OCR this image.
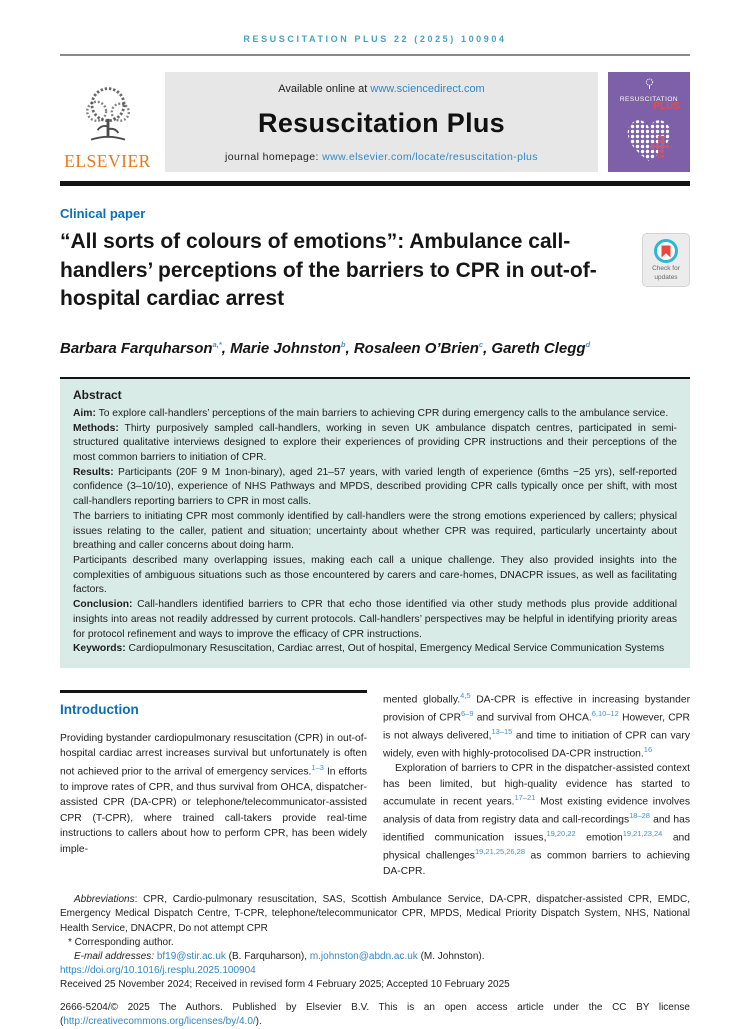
RESUSCITATION PLUS 22 (2025) 100904
ELSEVIER
Available online at www.sciencedirect.com
Resuscitation Plus
journal homepage: www.elsevier.com/locate/resuscitation-plus
RESUSCITATION
PLUS
Clinical paper
“All sorts of colours of emotions”: Ambulance call-handlers’ perceptions of the barriers to CPR in out-of-hospital cardiac arrest
Check for
updates
Barbara Farquharson$^{a,*}$, Marie Johnston$^b$, Rosaleen O’Brien$^c$, Gareth Clegg$^d$
Abstract

Aim: To explore call-handlers’ perceptions of the main barriers to achieving CPR during emergency calls to the ambulance service.

Methods: Thirty purposively sampled call-handlers, working in seven UK ambulance dispatch centres, participated in semi-structured qualitative interviews designed to explore their experiences of providing CPR instructions and their perceptions of the most common barriers to initiation of CPR.

Results: Participants (20F 9 M 1non-binary), aged 21–57 years, with varied length of experience (6mths −25 yrs), self-reported confidence (3–10/10), experience of NHS Pathways and MPDS, described providing CPR calls typically once per shift, with most call-handlers reporting barriers to CPR in most calls.

The barriers to initiating CPR most commonly identified by call-handlers were the strong emotions experienced by callers; physical issues relating to the caller, patient and situation; uncertainty about whether CPR was required, particularly uncertainty about breathing and caller concerns about doing harm.

Participants described many overlapping issues, making each call a unique challenge. They also provided insights into the complexities of ambiguous situations such as those encountered by carers and care-homes, DNACPR issues, as well as facilitating factors.

Conclusion: Call-handlers identified barriers to CPR that echo those identified via other study methods plus provide additional insights into areas not readily addressed by current protocols. Call-handlers’ perspectives may be helpful in identifying priority areas for protocol refinement and ways to improve the efficacy of CPR instructions.

Keywords: Cardiopulmonary Resuscitation, Cardiac arrest, Out of hospital, Emergency Medical Service Communication Systems

Introduction

Providing bystander cardiopulmonary resuscitation (CPR) in out-of-hospital cardiac arrest increases survival but unfortunately is often not achieved prior to the arrival of emergency services.$^{1-3}$ In efforts to improve rates of CPR, and thus survival from OHCA, dispatcher-assisted CPR (DA-CPR) or telephone/telecommunicator-assisted CPR (T-CPR), where trained call-takers provide real-time instructions to callers about how to perform CPR, has been widely imple-

mented globally.$^{4,5}$ DA-CPR is effective in increasing bystander provision of CPR$^{6-9}$ and survival from OHCA.$^{6,10-12}$ However, CPR is not always delivered,$^{13-15}$ and time to initiation of CPR can vary widely, even with highly-protocolised DA-CPR instruction.$^{16}$

Exploration of barriers to CPR in the dispatcher-assisted context has been limited, but high-quality evidence has started to accumulate in recent years.$^{17-21}$ Most existing evidence involves analysis of data from registry data and call-recordings$^{18-28}$ and has identified communication issues,$^{19,20,22}$ emotion$^{19,21,23,24}$ and physical challenges$^{19,21,25,26,28}$ as common barriers to achieving DA-CPR.

Abbreviations: CPR, Cardio-pulmonary resuscitation, SAS, Scottish Ambulance Service, DA-CPR, dispatcher-assisted CPR, EMDC, Emergency Medical Dispatch Centre, T-CPR, telephone/telecommunicator CPR, MPDS, Medical Priority Dispatch System, NHS, National Health Service, DNACPR, Do not attempt CPR

* Corresponding author.

E-mail addresses: bf19@stir.ac.uk (B. Farquharson), m.johnston@abdn.ac.uk (M. Johnston).

https://doi.org/10.1016/j.resplu.2025.100904

Received 25 November 2024; Received in revised form 4 February 2025; Accepted 10 February 2025

2666-5204/© 2025 The Authors. Published by Elsevier B.V. This is an open access article under the CC BY license (http://creativecommons.org/licenses/by/4.0/).
